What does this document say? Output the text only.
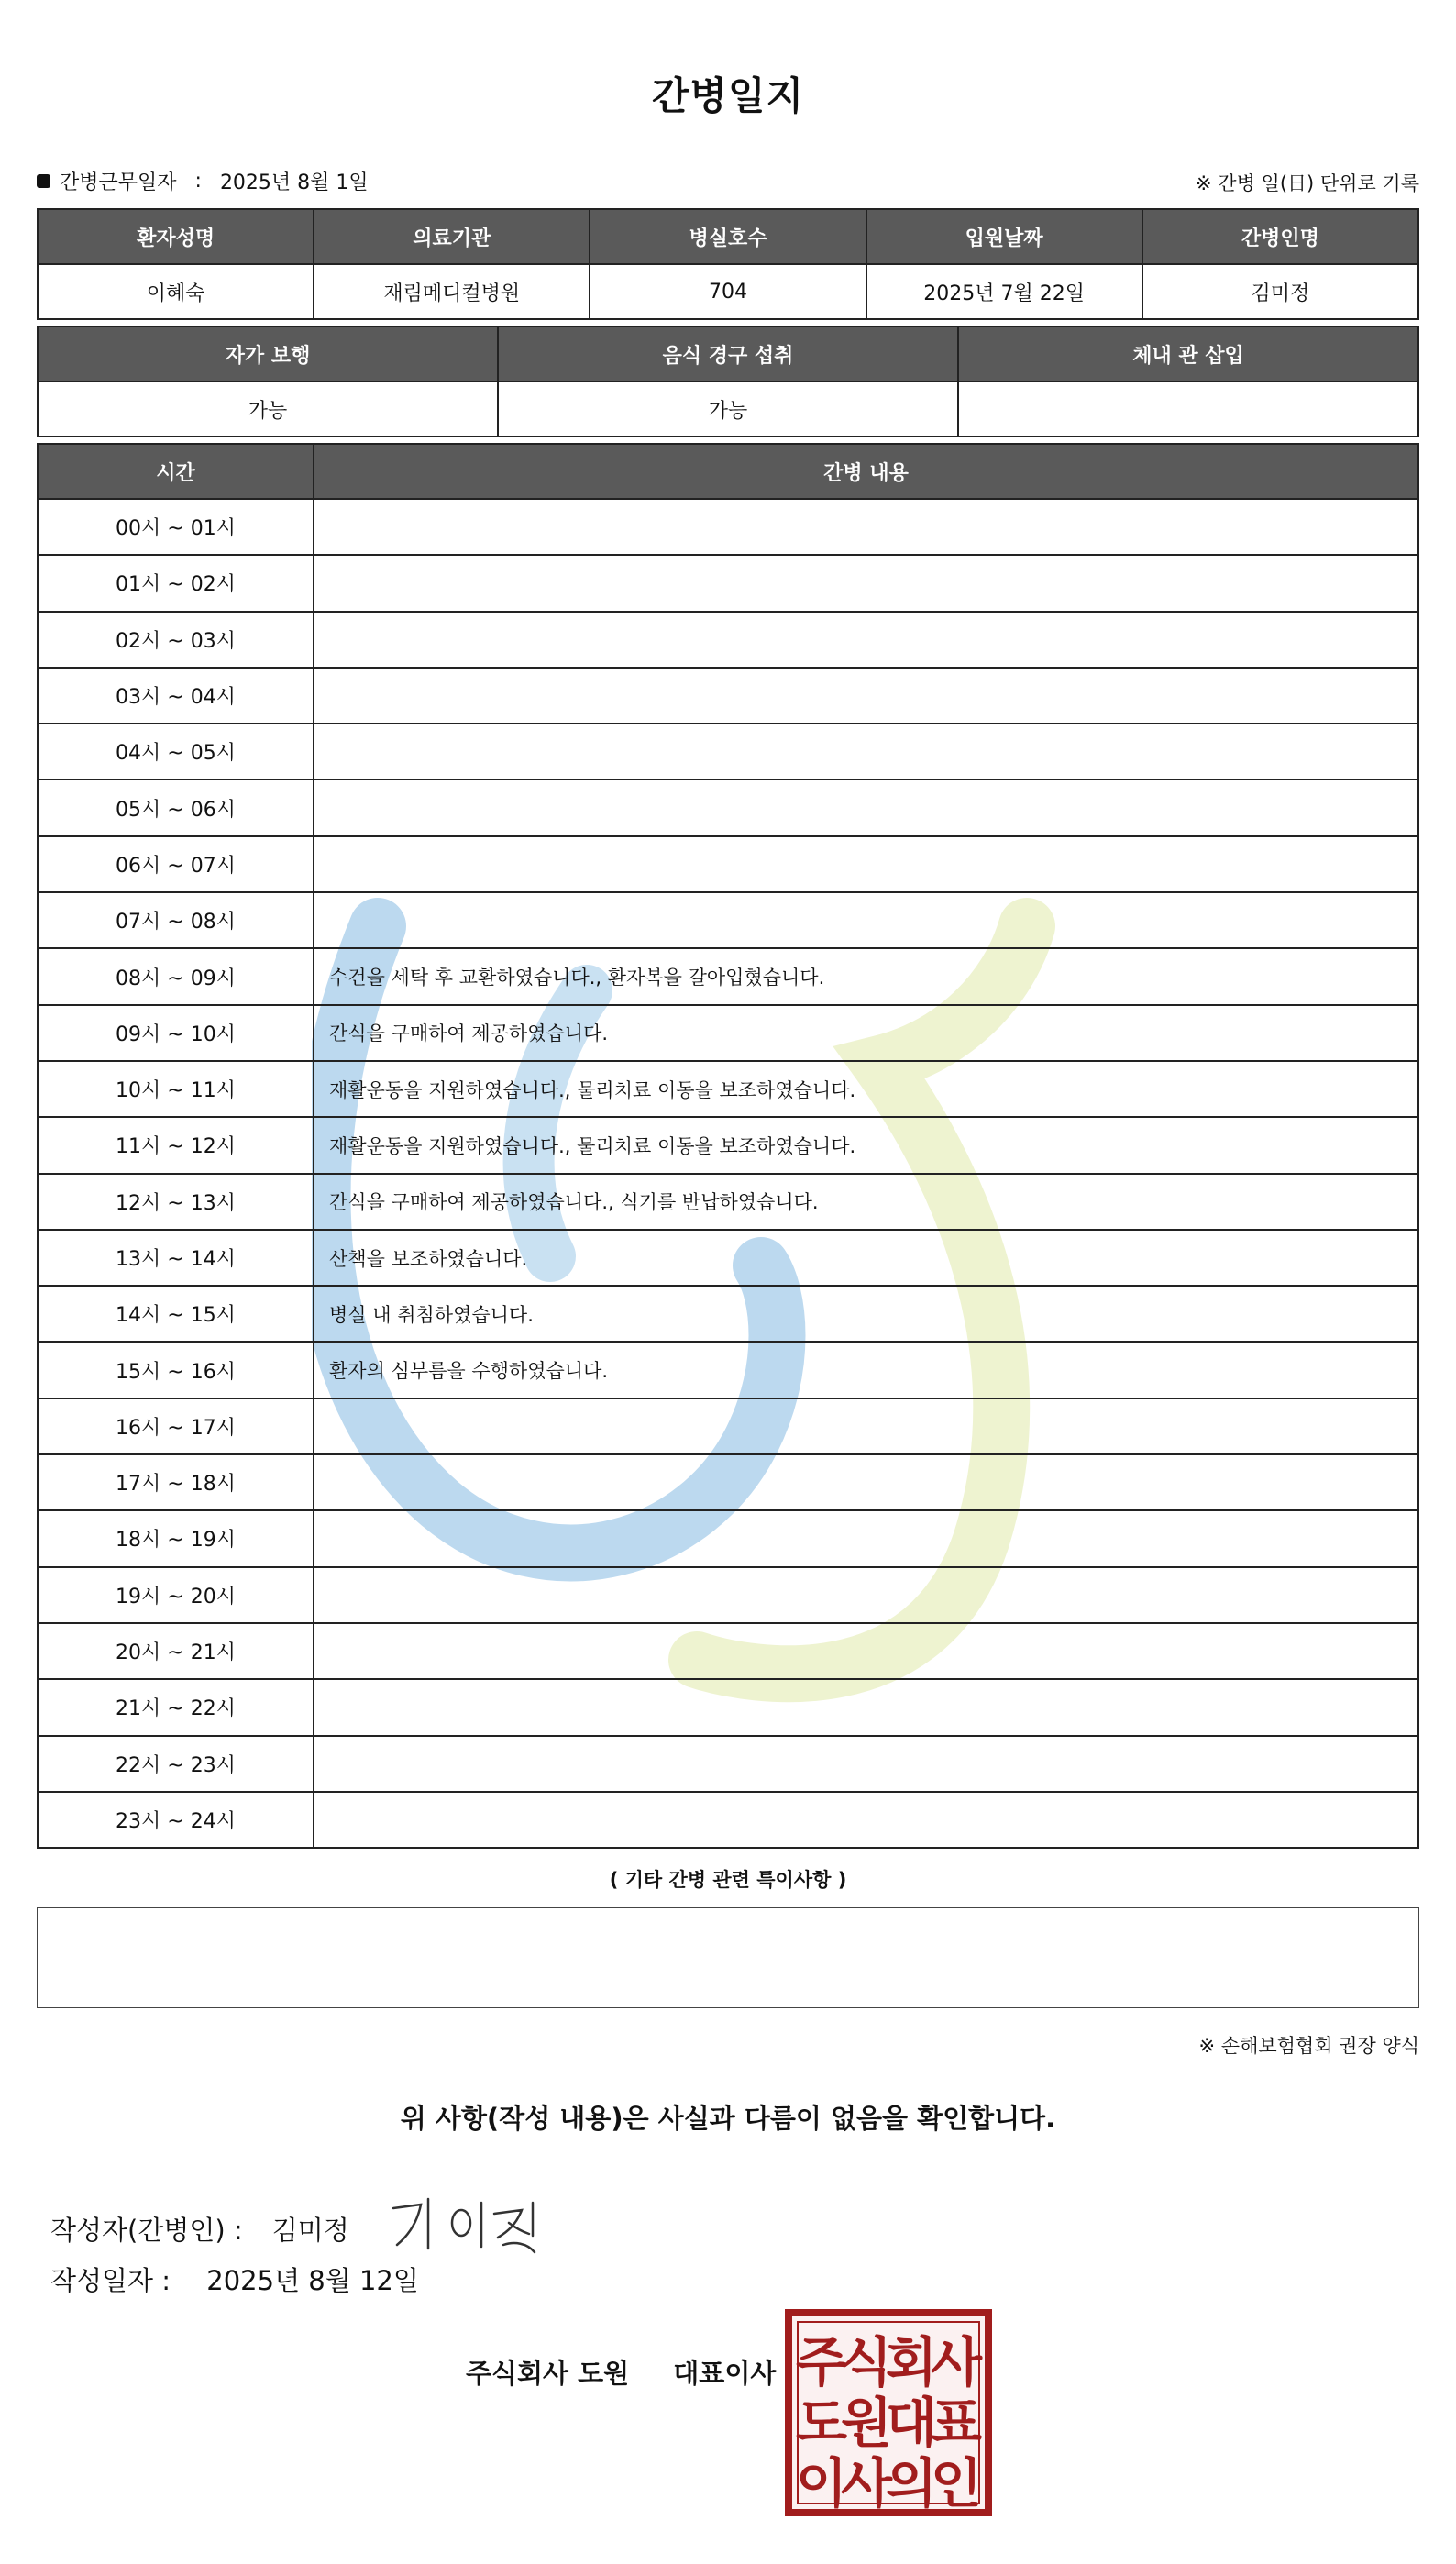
간병일지
간병근무일자 : 2025년 8월 1일	※ 간병 일(日) 단위로 기록
환자성명	의료기관	병실호수	입원날짜	간병인명
이혜숙	재림메디컬병원	704	2025년 7월 22일	김미정
자가 보행	음식 경구 섭취	체내 관 삽입
가능	가능	
시간	간병 내용
00시 ~ 01시	
01시 ~ 02시	
02시 ~ 03시	
03시 ~ 04시	
04시 ~ 05시	
05시 ~ 06시	
06시 ~ 07시	
07시 ~ 08시	
08시 ~ 09시	수건을 세탁 후 교환하였습니다., 환자복을 갈아입혔습니다.
09시 ~ 10시	간식을 구매하여 제공하였습니다.
10시 ~ 11시	재활운동을 지원하였습니다., 물리치료 이동을 보조하였습니다.
11시 ~ 12시	재활운동을 지원하였습니다., 물리치료 이동을 보조하였습니다.
12시 ~ 13시	간식을 구매하여 제공하였습니다., 식기를 반납하였습니다.
13시 ~ 14시	산책을 보조하였습니다.
14시 ~ 15시	병실 내 취침하였습니다.
15시 ~ 16시	환자의 심부름을 수행하였습니다.
16시 ~ 17시	
17시 ~ 18시	
18시 ~ 19시	
19시 ~ 20시	
20시 ~ 21시	
21시 ~ 22시	
22시 ~ 23시	
23시 ~ 24시	
( 기타 간병 관련 특이사항 )
※ 손해보험협회 권장 양식
위 사항(작성 내용)은 사실과 다름이 없음을 확인합니다.
작성자(간병인) : 김미정
작성일자 : 2025년 8월 12일
주식회사 도원 대표이사 주
식
회
사
도
원
대
표
이
사
의
인
